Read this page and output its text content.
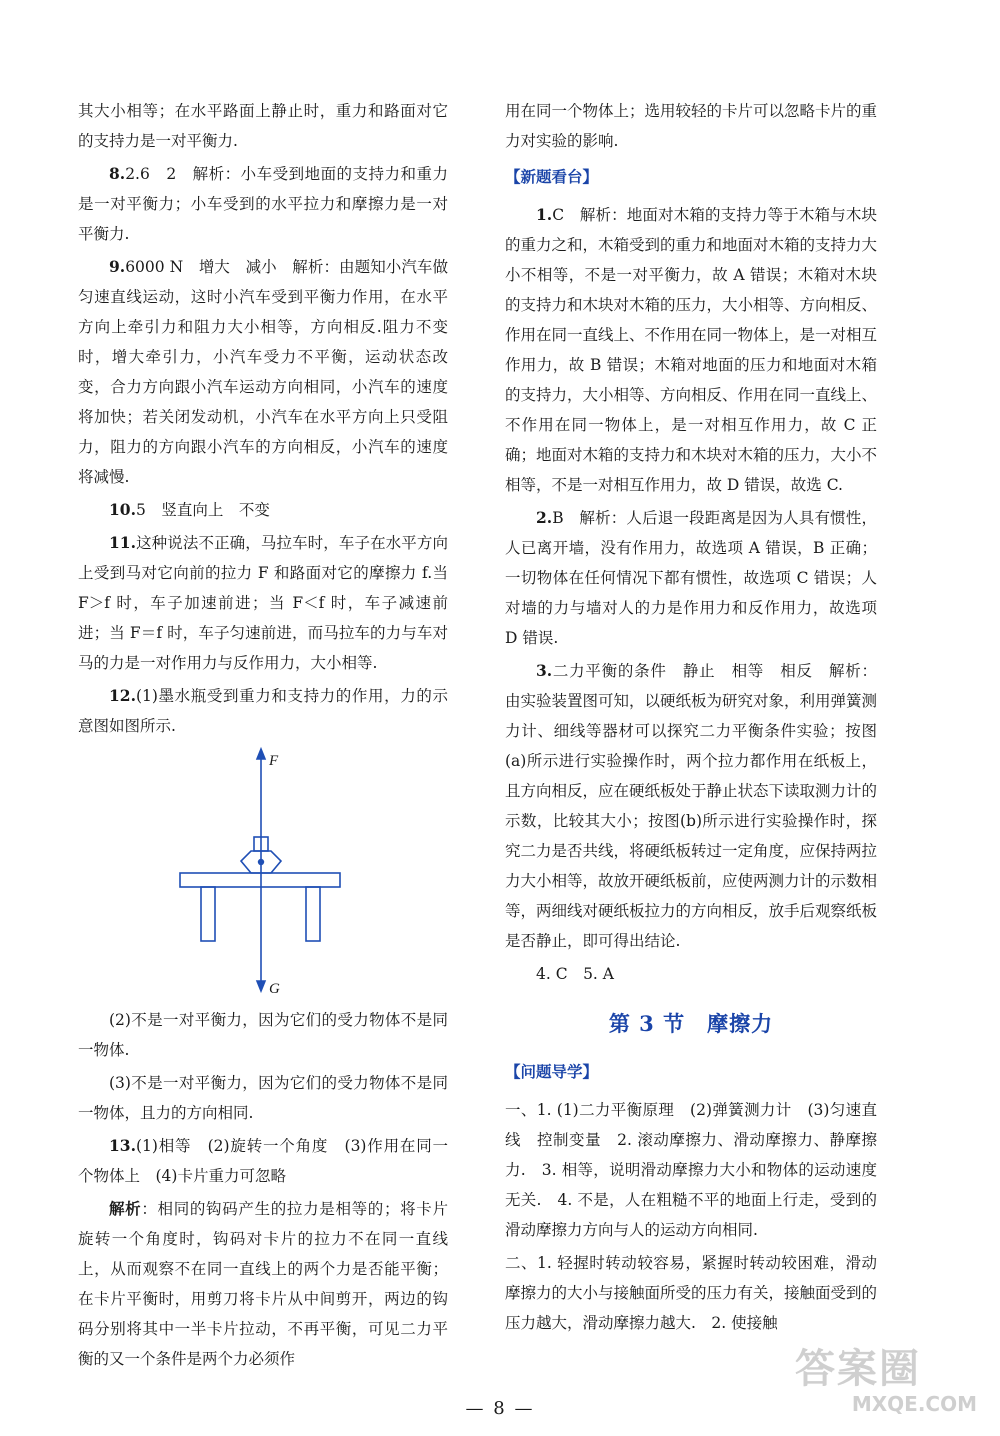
其大小相等；在水平路面上静止时，重力和路面对它的支持力是一对平衡力.

8.2.6　2　解析：小车受到地面的支持力和重力是一对平衡力；小车受到的水平拉力和摩擦力是一对平衡力.

9.6000 N　增大　减小　解析：由题知小汽车做匀速直线运动，这时小汽车受到平衡力作用，在水平方向上牵引力和阻力大小相等，方向相反.阻力不变时，增大牵引力，小汽车受力不平衡，运动状态改变，合力方向跟小汽车运动方向相同，小汽车的速度将加快；若关闭发动机，小汽车在水平方向上只受阻力，阻力的方向跟小汽车的方向相反，小汽车的速度将减慢.

10.5　竖直向上　不变

11.这种说法不正确，马拉车时，车子在水平方向上受到马对它向前的拉力 F 和路面对它的摩擦力 f.当 F＞f 时，车子加速前进；当 F＜f 时，车子减速前进；当 F＝f 时，车子匀速前进，而马拉车的力与车对马的力是一对作用力与反作用力，大小相等.

12.(1)墨水瓶受到重力和支持力的作用，力的示意图如图所示.

F
G

(2)不是一对平衡力，因为它们的受力物体不是同一物体.

(3)不是一对平衡力，因为它们的受力物体不是同一物体，且力的方向相同.

13.(1)相等　(2)旋转一个角度　(3)作用在同一个物体上　(4)卡片重力可忽略

解析：相同的钩码产生的拉力是相等的；将卡片旋转一个角度时，钩码对卡片的拉力不在同一直线上，从而观察不在同一直线上的两个力是否能平衡；在卡片平衡时，用剪刀将卡片从中间剪开，两边的钩码分别将其中一半卡片拉动，不再平衡，可见二力平衡的又一个条件是两个力必须作

用在同一个物体上；选用较轻的卡片可以忽略卡片的重力对实验的影响.

【新题看台】

1.C　解析：地面对木箱的支持力等于木箱与木块的重力之和，木箱受到的重力和地面对木箱的支持力大小不相等，不是一对平衡力，故 A 错误；木箱对木块的支持力和木块对木箱的压力，大小相等、方向相反、作用在同一直线上、不作用在同一物体上，是一对相互作用力，故 B 错误；木箱对地面的压力和地面对木箱的支持力，大小相等、方向相反、作用在同一直线上、不作用在同一物体上，是一对相互作用力，故 C 正确；地面对木箱的支持力和木块对木箱的压力，大小不相等，不是一对相互作用力，故 D 错误，故选 C.

2.B　解析：人后退一段距离是因为人具有惯性，人已离开墙，没有作用力，故选项 A 错误，B 正确；一切物体在任何情况下都有惯性，故选项 C 错误；人对墙的力与墙对人的力是作用力和反作用力，故选项 D 错误.

3.二力平衡的条件　静止　相等　相反　解析：由实验装置图可知，以硬纸板为研究对象，利用弹簧测力计、细线等器材可以探究二力平衡条件实验；按图(a)所示进行实验操作时，两个拉力都作用在纸板上，且方向相反，应在硬纸板处于静止状态下读取测力计的示数，比较其大小；按图(b)所示进行实验操作时，探究二力是否共线，将硬纸板转过一定角度，应保持两拉力大小相等，故放开硬纸板前，应使两测力计的示数相等，两细线对硬纸板拉力的方向相反，放手后观察纸板是否静止，即可得出结论.

4. C　5. A

第 3 节　摩擦力

【问题导学】

一、1. (1)二力平衡原理　(2)弹簧测力计　(3)匀速直线　控制变量　2. 滚动摩擦力、滑动摩擦力、静摩擦力.　3. 相等，说明滑动摩擦力大小和物体的运动速度无关.　4. 不是，人在粗糙不平的地面上行走，受到的滑动摩擦力方向与人的运动方向相同.

二、1. 轻握时转动较容易，紧握时转动较困难，滑动摩擦力的大小与接触面所受的压力有关，接触面受到的压力越大，滑动摩擦力越大.　2. 使接触

— 8 —
答案圈
MXQE.COM
